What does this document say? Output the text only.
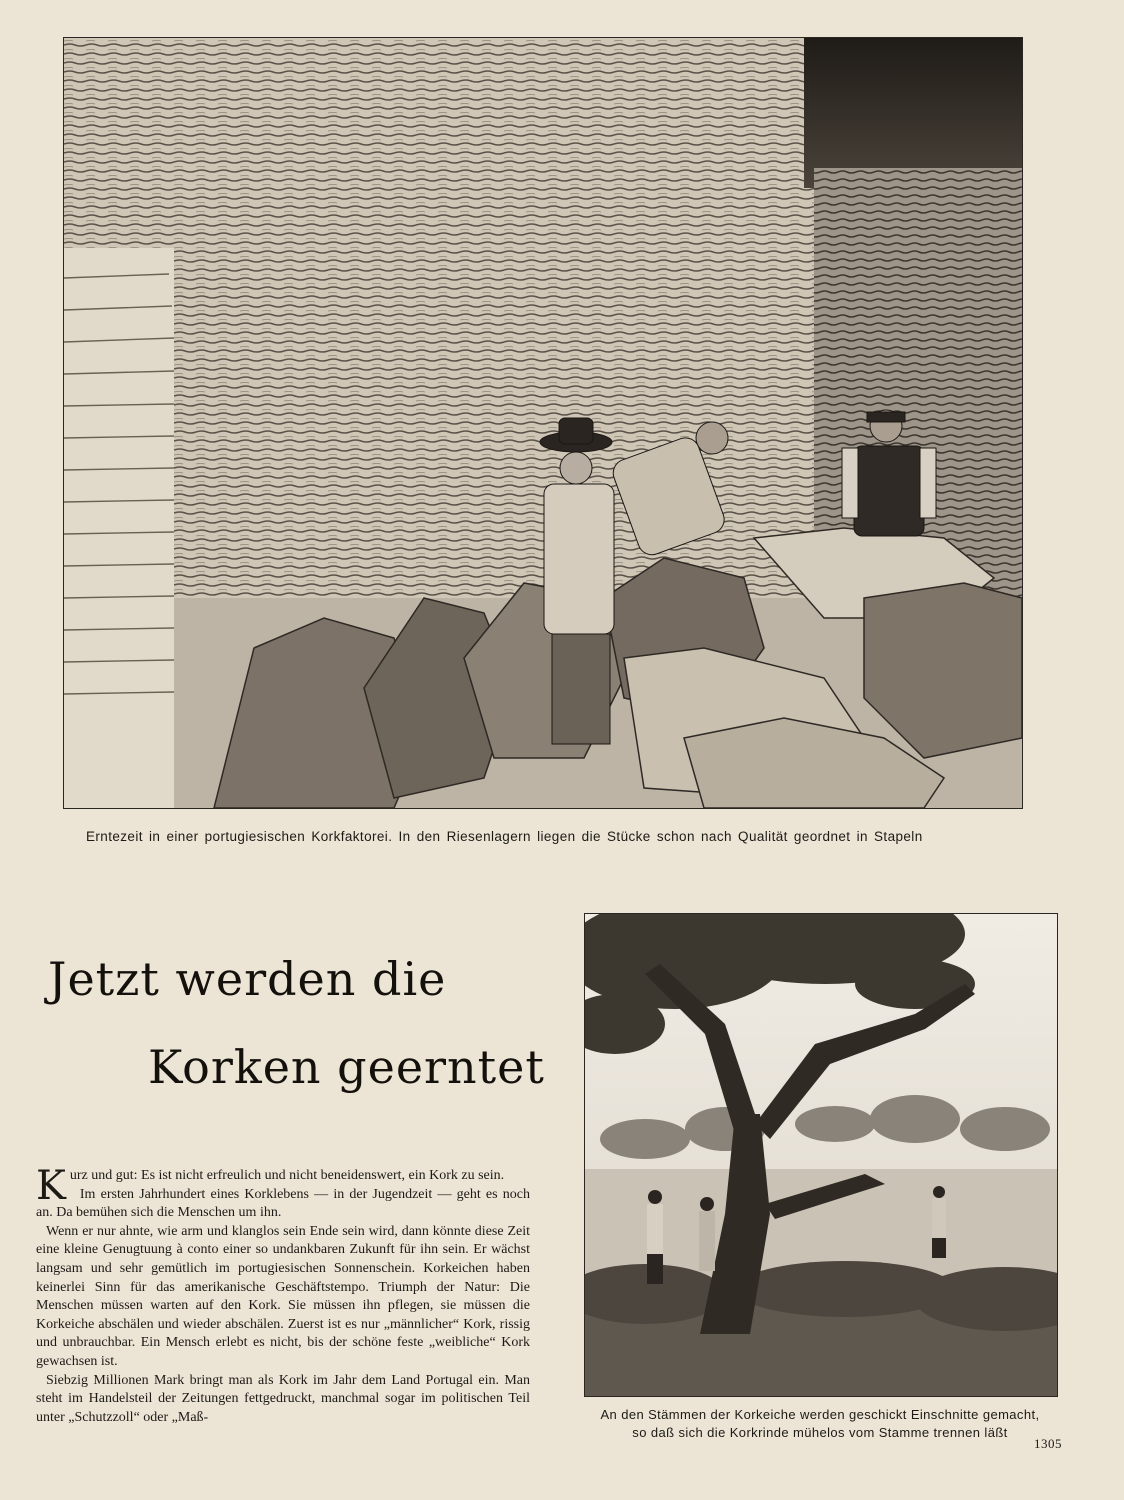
Erntezeit in einer portugiesischen Korkfaktorei. In den Riesenlagern liegen die Stücke schon nach Qualität geordnet in Stapeln
Jetzt werden die
Korken geerntet

Kurz und gut: Es ist nicht erfreulich und nicht beneidenswert, ein Kork zu sein.

Im ersten Jahrhundert eines Korklebens — in der Jugendzeit — geht es noch an. Da bemühen sich die Menschen um ihn.

Wenn er nur ahnte, wie arm und klanglos sein Ende sein wird, dann könnte diese Zeit eine kleine Genugtuung à conto einer so undankbaren Zukunft für ihn sein. Er wächst langsam und sehr gemütlich im portugiesischen Sonnenschein. Korkeichen haben keinerlei Sinn für das amerikanische Geschäftstempo. Triumph der Natur: Die Menschen müssen warten auf den Kork. Sie müssen ihn pflegen, sie müssen die Korkeiche abschälen und wieder abschälen. Zuerst ist es nur „männlicher“ Kork, rissig und unbrauchbar. Ein Mensch erlebt es nicht, bis der schöne feste „weibliche“ Kork gewachsen ist.

Siebzig Millionen Mark bringt man als Kork im Jahr dem Land Portugal ein. Man steht im Handelsteil der Zeitungen fettgedruckt, manchmal sogar im politischen Teil unter „Schutzzoll“ oder „Maß-	An den Stämmen der Korkeiche werden geschickt Einschnitte gemacht,
so daß sich die Korkrinde mühelos vom Stamme trennen läßt
1305
